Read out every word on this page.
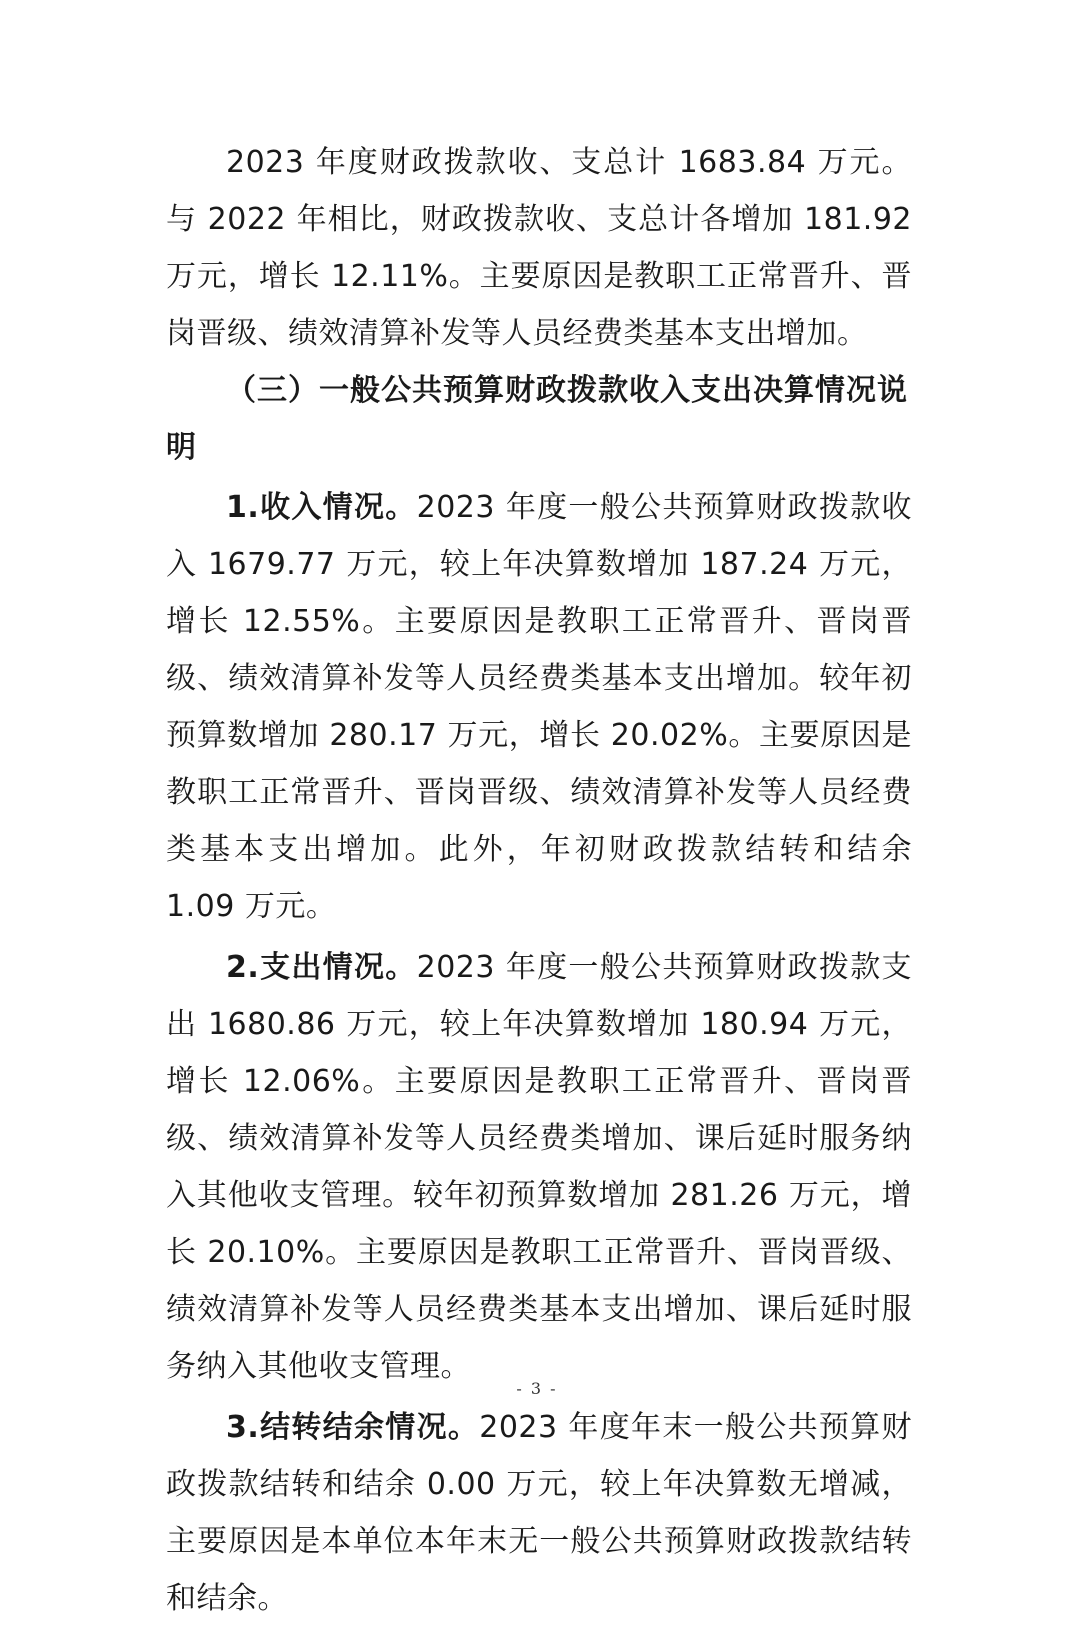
2023 年度财政拨款收、支总计 1683.84 万元。与 2022 年相比，财政拨款收、支总计各增加 181.92 万元，增长 12.11%。主要原因是教职工正常晋升、晋岗晋级、绩效清算补发等人员经费类基本支出增加。

（三）一般公共预算财政拨款收入支出决算情况说明

1.收入情况。2023 年度一般公共预算财政拨款收入 1679.77 万元，较上年决算数增加 187.24 万元，增长 12.55%。主要原因是教职工正常晋升、晋岗晋级、绩效清算补发等人员经费类基本支出增加。较年初预算数增加 280.17 万元，增长 20.02%。主要原因是教职工正常晋升、晋岗晋级、绩效清算补发等人员经费类基本支出增加。此外，年初财政拨款结转和结余 1.09 万元。

2.支出情况。2023 年度一般公共预算财政拨款支出 1680.86 万元，较上年决算数增加 180.94 万元，增长 12.06%。主要原因是教职工正常晋升、晋岗晋级、绩效清算补发等人员经费类增加、课后延时服务纳入其他收支管理。较年初预算数增加 281.26 万元，增长 20.10%。主要原因是教职工正常晋升、晋岗晋级、绩效清算补发等人员经费类基本支出增加、课后延时服务纳入其他收支管理。

3.结转结余情况。2023 年度年末一般公共预算财政拨款结转和结余 0.00 万元，较上年决算数无增减，主要原因是本单位本年末无一般公共预算财政拨款结转和结余。

- 3 -
